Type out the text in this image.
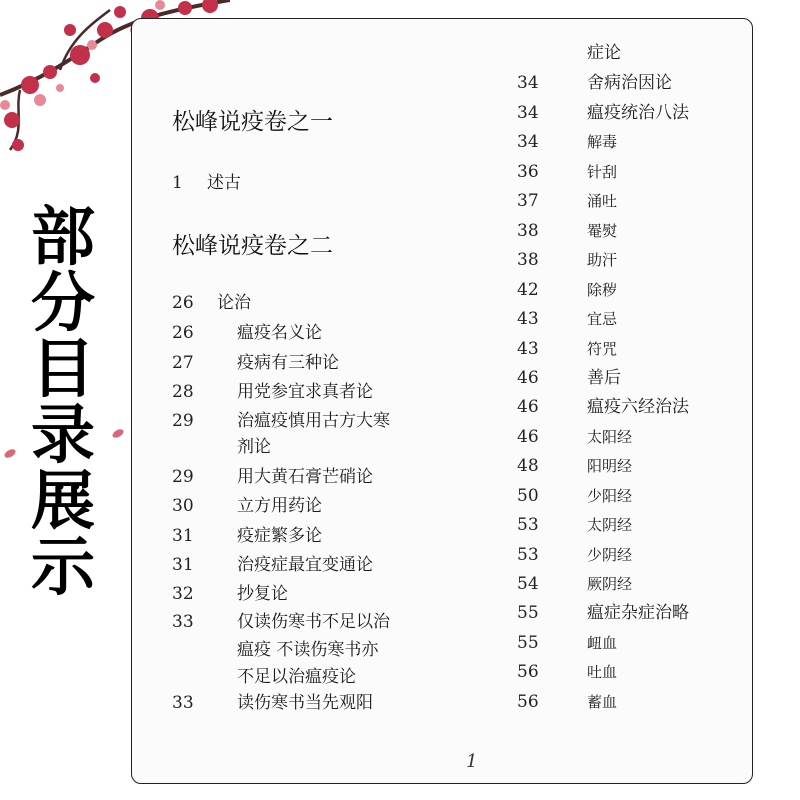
部
分
目
录
展
示
松峰说疫卷之一
松峰说疫卷之二
1	述古
26	论治
26	瘟疫名义论
27	疫病有三种论
28	用党参宜求真者论
29	治瘟疫慎用古方大寒
剂论
29	用大黄石膏芒硝论
30	立方用药论
31	疫症繁多论
31	治疫症最宜变通论
32	抄复论
33	仅读伤寒书不足以治
瘟疫 不读伤寒书亦
不足以治瘟疫论
33	读伤寒书当先观阳
症论
34	舍病治因论
34	瘟疫统治八法
34	解毒
36	针刮
37	涌吐
38	罨熨
38	助汗
42	除秽
43	宜忌
43	符咒
46	善后
46	瘟疫六经治法
46	太阳经
48	阳明经
50	少阳经
53	太阴经
53	少阴经
54	厥阴经
55	瘟症杂症治略
55	衄血
56	吐血
56	蓄血
1
